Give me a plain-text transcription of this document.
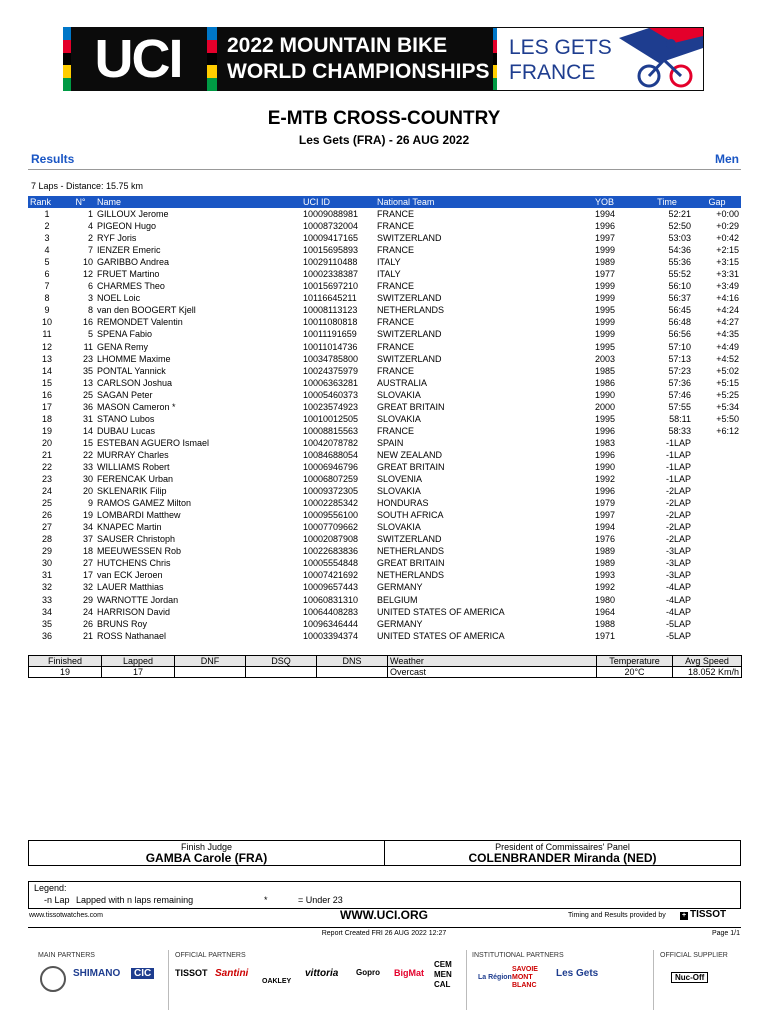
UCI	2022 MOUNTAIN BIKE
WORLD CHAMPIONSHIPS
LES GETS
FRANCE
E-MTB CROSS-COUNTRY
Les Gets (FRA) - 26 AUG 2022
Results	Men
7 Laps - Distance: 15.75 km
Rank	N°	Name	UCI ID	National Team	YOB	Time	Gap
1	1	GILLOUX Jerome	10009088981	FRANCE	1994	52:21	+0:00
2	4	PIGEON Hugo	10008732004	FRANCE	1996	52:50	+0:29
3	2	RYF Joris	10009417165	SWITZERLAND	1997	53:03	+0:42
4	7	IENZER Emeric	10015695893	FRANCE	1999	54:36	+2:15
5	10	GARIBBO Andrea	10029110488	ITALY	1989	55:36	+3:15
6	12	FRUET Martino	10002338387	ITALY	1977	55:52	+3:31
7	6	CHARMES Theo	10015697210	FRANCE	1999	56:10	+3:49
8	3	NOEL Loic	10116645211	SWITZERLAND	1999	56:37	+4:16
9	8	van den BOOGERT Kjell	10008113123	NETHERLANDS	1995	56:45	+4:24
10	16	REMONDET Valentin	10011080818	FRANCE	1999	56:48	+4:27
11	5	SPENA Fabio	10011191659	SWITZERLAND	1999	56:56	+4:35
12	11	GENA Remy	10011014736	FRANCE	1995	57:10	+4:49
13	23	LHOMME Maxime	10034785800	SWITZERLAND	2003	57:13	+4:52
14	35	PONTAL Yannick	10024375979	FRANCE	1985	57:23	+5:02
15	13	CARLSON Joshua	10006363281	AUSTRALIA	1986	57:36	+5:15
16	25	SAGAN Peter	10005460373	SLOVAKIA	1990	57:46	+5:25
17	36	MASON Cameron *	10023574923	GREAT BRITAIN	2000	57:55	+5:34
18	31	STANO Lubos	10010012505	SLOVAKIA	1995	58:11	+5:50
19	14	DUBAU Lucas	10008815563	FRANCE	1996	58:33	+6:12
20	15	ESTEBAN AGUERO Ismael	10042078782	SPAIN	1983	-1LAP	
21	22	MURRAY Charles	10084688054	NEW ZEALAND	1996	-1LAP	
22	33	WILLIAMS Robert	10006946796	GREAT BRITAIN	1990	-1LAP	
23	30	FERENCAK Urban	10006807259	SLOVENIA	1992	-1LAP	
24	20	SKLENARIK Filip	10009372305	SLOVAKIA	1996	-2LAP	
25	9	RAMOS GAMEZ Milton	10002285342	HONDURAS	1979	-2LAP	
26	19	LOMBARDI Matthew	10009556100	SOUTH AFRICA	1997	-2LAP	
27	34	KNAPEC Martin	10007709662	SLOVAKIA	1994	-2LAP	
28	37	SAUSER Christoph	10002087908	SWITZERLAND	1976	-2LAP	
29	18	MEEUWESSEN Rob	10022683836	NETHERLANDS	1989	-3LAP	
30	27	HUTCHENS Chris	10005554848	GREAT BRITAIN	1989	-3LAP	
31	17	van ECK Jeroen	10007421692	NETHERLANDS	1993	-3LAP	
32	32	LAUER Matthias	10009657443	GERMANY	1992	-4LAP	
33	29	WARNOTTE Jordan	10060831310	BELGIUM	1980	-4LAP	
34	24	HARRISON David	10064408283	UNITED STATES OF AMERICA	1964	-4LAP	
35	26	BRUNS Roy	10096346444	GERMANY	1988	-5LAP	
36	21	ROSS Nathanael	10003394374	UNITED STATES OF AMERICA	1971	-5LAP	
Finished	Lapped	DNF	DSQ	DNS	Weather	Temperature	Avg Speed
19	17				Overcast	20°C	18.052 Km/h
Finish Judge
GAMBA Carole (FRA)

President of Commissaires' Panel
COLENBRANDER Miranda (NED)
Legend:
-n Lap Lapped with n laps remaining	*	= Under 23
www.tissotwatches.com	WWW.UCI.ORG	Timing and Results provided by + TISSOT
Report Created FRI 26 AUG 2022 12:27	Page 1/1
MAIN PARTNERS	OFFICIAL PARTNERS	INSTITUTIONAL PARTNERS	OFFICIAL SUPPLIER
SHIMANO	CIC	TISSOT Santini
OAKLEY
vittoria Gopro BigMat
CEM MEN CAL
La Région
SAVOIE MONT BLANC
Les Gets	Nuc-Off
